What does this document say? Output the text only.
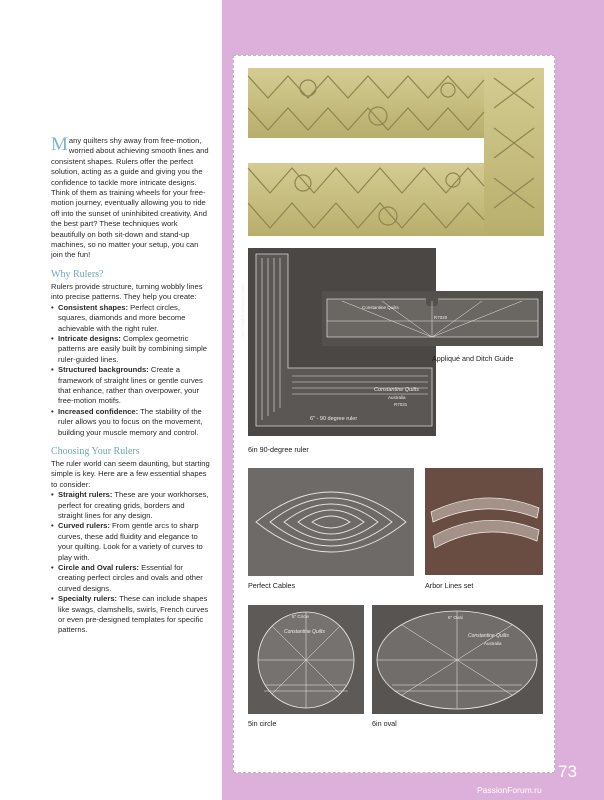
Many quilters shy away from free-motion, worried about achieving smooth lines and consistent shapes. Rulers offer the perfect solution, acting as a guide and giving you the confidence to tackle more intricate designs. Think of them as training wheels for your free-motion journey, eventually allowing you to ride off into the sunset of uninhibited creativity. And the best part? These techniques work beautifully on both sit-down and stand-up machines, so no matter your setup, you can join the fun!

Why Rulers?

Rulers provide structure, turning wobbly lines into precise patterns. They help you create:

• Consistent shapes: Perfect circles, squares, diamonds and more become achievable with the right ruler.
• Intricate designs: Complex geometric patterns are easily built by combining simple ruler-guided lines.
• Structured backgrounds: Create a framework of straight lines or gentle curves that enhance, rather than overpower, your free-motion motifs.
• Increased confidence: The stability of the ruler allows you to focus on the movement, building your muscle memory and control.
Choosing Your Rulers

The ruler world can seem daunting, but starting simple is key. Here are a few essential shapes to consider:

• Straight rulers: These are your workhorses, perfect for creating grids, borders and straight lines for any design.
• Curved rulers: From gentle arcs to sharp curves, these add fluidity and elegance to your quilting. Look for a variety of curves to play with.
• Circle and Oval rulers: Essential for creating perfect circles and ovals and other curved designs.
• Specialty rulers: These can include shapes like swags, clamshells, swirls, French curves or even pre-designed templates for specific patterns.
6" - 90 degree ruler
Constantine Quilts
Australia
R7031
www.constantinequilts.com
6in 90-degree ruler
Constantine Quilts
R7020
Appliqué and Ditch Guide
Perfect Cables	Arbor Lines set
5" Circle
Constantine Quilts
5in circle
6" Oval
Constantine Quilts
Australia
6in oval
73
PassionForum.ru
